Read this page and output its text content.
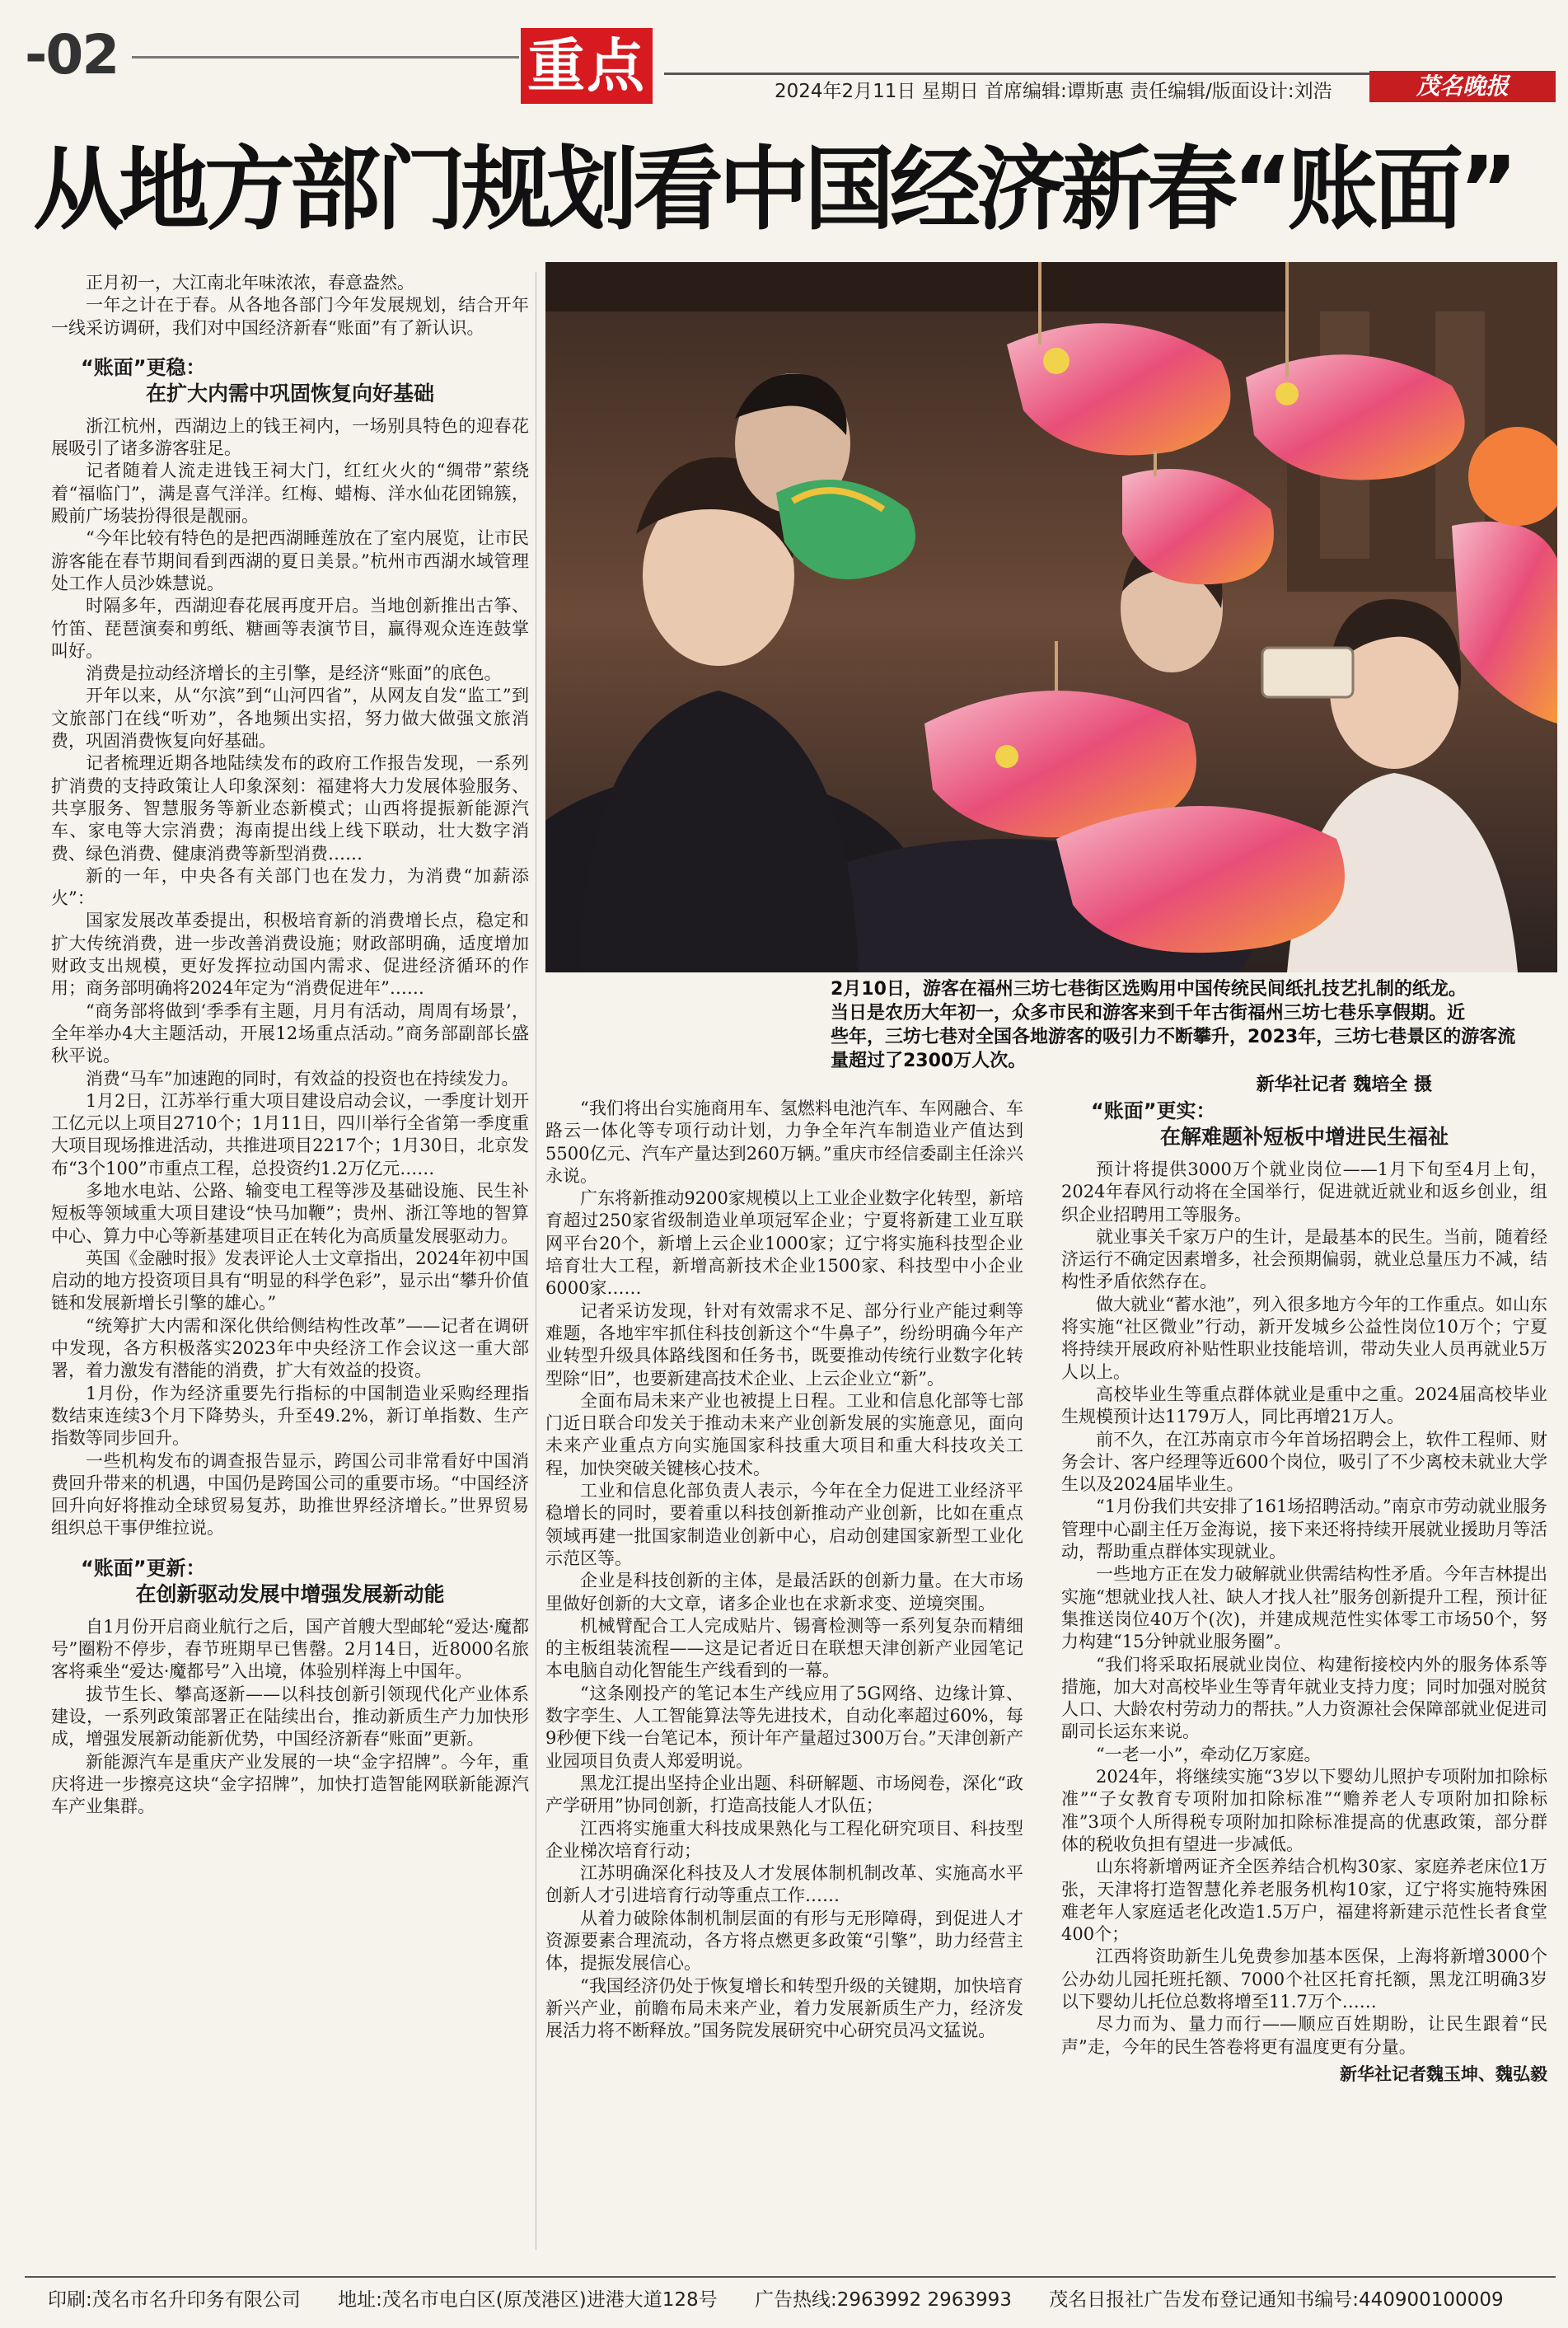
-02	重点	2024年2月11日 星期日 首席编辑:谭斯惠 责任编辑/版面设计:刘浩	茂名晚报
从地方部门规划看中国经济新春“账面”

2月10日，游客在福州三坊七巷街区选购用中国传统民间纸扎技艺扎制的纸龙。

当日是农历大年初一，众多市民和游客来到千年古街福州三坊七巷乐享假期。近

些年，三坊七巷对全国各地游客的吸引力不断攀升，2023年，三坊七巷景区的游客流

量超过了2300万人次。

新华社记者 魏培全 摄

正月初一，大江南北年味浓浓，春意盎然。

一年之计在于春。从各地各部门今年发展规划，结合开年一线采访调研，我们对中国经济新春“账面”有了新认识。

“账面”更稳：
在扩大内需中巩固恢复向好基础

浙江杭州，西湖边上的钱王祠内，一场别具特色的迎春花展吸引了诸多游客驻足。

记者随着人流走进钱王祠大门，红红火火的“绸带”萦绕着“福临门”，满是喜气洋洋。红梅、蜡梅、洋水仙花团锦簇，殿前广场装扮得很是靓丽。

“今年比较有特色的是把西湖睡莲放在了室内展览，让市民游客能在春节期间看到西湖的夏日美景。”杭州市西湖水域管理处工作人员沙姝慧说。

时隔多年，西湖迎春花展再度开启。当地创新推出古筝、竹笛、琵琶演奏和剪纸、糖画等表演节目，赢得观众连连鼓掌叫好。

消费是拉动经济增长的主引擎，是经济“账面”的底色。

开年以来，从“尔滨”到“山河四省”，从网友自发“监工”到文旅部门在线“听劝”，各地频出实招，努力做大做强文旅消费，巩固消费恢复向好基础。

记者梳理近期各地陆续发布的政府工作报告发现，一系列扩消费的支持政策让人印象深刻：福建将大力发展体验服务、共享服务、智慧服务等新业态新模式；山西将提振新能源汽车、家电等大宗消费；海南提出线上线下联动，壮大数字消费、绿色消费、健康消费等新型消费……

新的一年，中央各有关部门也在发力，为消费“加薪添火”：

国家发展改革委提出，积极培育新的消费增长点，稳定和扩大传统消费，进一步改善消费设施；财政部明确，适度增加财政支出规模，更好发挥拉动国内需求、促进经济循环的作用；商务部明确将2024年定为“消费促进年”……

“商务部将做到‘季季有主题，月月有活动，周周有场景’，全年举办4大主题活动，开展12场重点活动。”商务部副部长盛秋平说。

消费“马车”加速跑的同时，有效益的投资也在持续发力。

1月2日，江苏举行重大项目建设启动会议，一季度计划开工亿元以上项目2710个；1月11日，四川举行全省第一季度重大项目现场推进活动，共推进项目2217个；1月30日，北京发布“3个100”市重点工程，总投资约1.2万亿元……

多地水电站、公路、输变电工程等涉及基础设施、民生补短板等领域重大项目建设“快马加鞭”；贵州、浙江等地的智算中心、算力中心等新基建项目正在转化为高质量发展驱动力。

英国《金融时报》发表评论人士文章指出，2024年初中国启动的地方投资项目具有“明显的科学色彩”，显示出“攀升价值链和发展新增长引擎的雄心。”

“统筹扩大内需和深化供给侧结构性改革”——记者在调研中发现，各方积极落实2023年中央经济工作会议这一重大部署，着力激发有潜能的消费，扩大有效益的投资。

1月份，作为经济重要先行指标的中国制造业采购经理指数结束连续3个月下降势头，升至49.2%，新订单指数、生产指数等同步回升。

一些机构发布的调查报告显示，跨国公司非常看好中国消费回升带来的机遇，中国仍是跨国公司的重要市场。“中国经济回升向好将推动全球贸易复苏，助推世界经济增长。”世界贸易组织总干事伊维拉说。

“账面”更新：
在创新驱动发展中增强发展新动能

自1月份开启商业航行之后，国产首艘大型邮轮“爱达·魔都号”圈粉不停步，春节班期早已售罄。2月14日，近8000名旅客将乘坐“爱达·魔都号”入出境，体验别样海上中国年。

拔节生长、攀高逐新——以科技创新引领现代化产业体系建设，一系列政策部署正在陆续出台，推动新质生产力加快形成，增强发展新动能新优势，中国经济新春“账面”更新。

新能源汽车是重庆产业发展的一块“金字招牌”。今年，重庆将进一步擦亮这块“金字招牌”，加快打造智能网联新能源汽车产业集群。

“我们将出台实施商用车、氢燃料电池汽车、车网融合、车路云一体化等专项行动计划，力争全年汽车制造业产值达到5500亿元、汽车产量达到260万辆。”重庆市经信委副主任涂兴永说。

广东将新推动9200家规模以上工业企业数字化转型，新培育超过250家省级制造业单项冠军企业；宁夏将新建工业互联网平台20个，新增上云企业1000家；辽宁将实施科技型企业培育壮大工程，新增高新技术企业1500家、科技型中小企业6000家……

记者采访发现，针对有效需求不足、部分行业产能过剩等难题，各地牢牢抓住科技创新这个“牛鼻子”，纷纷明确今年产业转型升级具体路线图和任务书，既要推动传统行业数字化转型除“旧”，也要新建高技术企业、上云企业立“新”。

全面布局未来产业也被提上日程。工业和信息化部等七部门近日联合印发关于推动未来产业创新发展的实施意见，面向未来产业重点方向实施国家科技重大项目和重大科技攻关工程，加快突破关键核心技术。

工业和信息化部负责人表示，今年在全力促进工业经济平稳增长的同时，要着重以科技创新推动产业创新，比如在重点领域再建一批国家制造业创新中心，启动创建国家新型工业化示范区等。

企业是科技创新的主体，是最活跃的创新力量。在大市场里做好创新的大文章，诸多企业也在求新求变、逆境突围。

机械臂配合工人完成贴片、锡膏检测等一系列复杂而精细的主板组装流程——这是记者近日在联想天津创新产业园笔记本电脑自动化智能生产线看到的一幕。

“这条刚投产的笔记本生产线应用了5G网络、边缘计算、数字孪生、人工智能算法等先进技术，自动化率超过60%，每9秒便下线一台笔记本，预计年产量超过300万台。”天津创新产业园项目负责人郑爱明说。

黑龙江提出坚持企业出题、科研解题、市场阅卷，深化“政产学研用”协同创新，打造高技能人才队伍；

江西将实施重大科技成果熟化与工程化研究项目、科技型企业梯次培育行动；

江苏明确深化科技及人才发展体制机制改革、实施高水平创新人才引进培育行动等重点工作……

从着力破除体制机制层面的有形与无形障碍，到促进人才资源要素合理流动，各方将点燃更多政策“引擎”，助力经营主体，提振发展信心。

“我国经济仍处于恢复增长和转型升级的关键期，加快培育新兴产业，前瞻布局未来产业，着力发展新质生产力，经济发展活力将不断释放。”国务院发展研究中心研究员冯文猛说。

“账面”更实：
在解难题补短板中增进民生福祉

预计将提供3000万个就业岗位——1月下旬至4月上旬，2024年春风行动将在全国举行，促进就近就业和返乡创业，组织企业招聘用工等服务。

就业事关千家万户的生计，是最基本的民生。当前，随着经济运行不确定因素增多，社会预期偏弱，就业总量压力不减，结构性矛盾依然存在。

做大就业“蓄水池”，列入很多地方今年的工作重点。如山东将实施“社区微业”行动，新开发城乡公益性岗位10万个；宁夏将持续开展政府补贴性职业技能培训，带动失业人员再就业5万人以上。

高校毕业生等重点群体就业是重中之重。2024届高校毕业生规模预计达1179万人，同比再增21万人。

前不久，在江苏南京市今年首场招聘会上，软件工程师、财务会计、客户经理等近600个岗位，吸引了不少离校未就业大学生以及2024届毕业生。

“1月份我们共安排了161场招聘活动。”南京市劳动就业服务管理中心副主任万金海说，接下来还将持续开展就业援助月等活动，帮助重点群体实现就业。

一些地方正在发力破解就业供需结构性矛盾。今年吉林提出实施“想就业找人社、缺人才找人社”服务创新提升工程，预计征集推送岗位40万个(次)，并建成规范性实体零工市场50个，努力构建“15分钟就业服务圈”。

“我们将采取拓展就业岗位、构建衔接校内外的服务体系等措施，加大对高校毕业生等青年就业支持力度；同时加强对脱贫人口、大龄农村劳动力的帮扶。”人力资源社会保障部就业促进司副司长运东来说。

“一老一小”，牵动亿万家庭。

2024年，将继续实施“3岁以下婴幼儿照护专项附加扣除标准”“子女教育专项附加扣除标准”“赡养老人专项附加扣除标准”3项个人所得税专项附加扣除标准提高的优惠政策，部分群体的税收负担有望进一步减低。

山东将新增两证齐全医养结合机构30家、家庭养老床位1万张，天津将打造智慧化养老服务机构10家，辽宁将实施特殊困难老年人家庭适老化改造1.5万户，福建将新建示范性长者食堂400个；

江西将资助新生儿免费参加基本医保，上海将新增3000个公办幼儿园托班托额、7000个社区托育托额，黑龙江明确3岁以下婴幼儿托位总数将增至11.7万个……

尽力而为、量力而行——顺应百姓期盼，让民生跟着“民声”走，今年的民生答卷将更有温度更有分量。

新华社记者魏玉坤、魏弘毅

印刷:茂名市名升印务有限公司 地址:茂名市电白区(原茂港区)进港大道128号 广告热线:2963992 2963993 茂名日报社广告发布登记通知书编号:440900100009
